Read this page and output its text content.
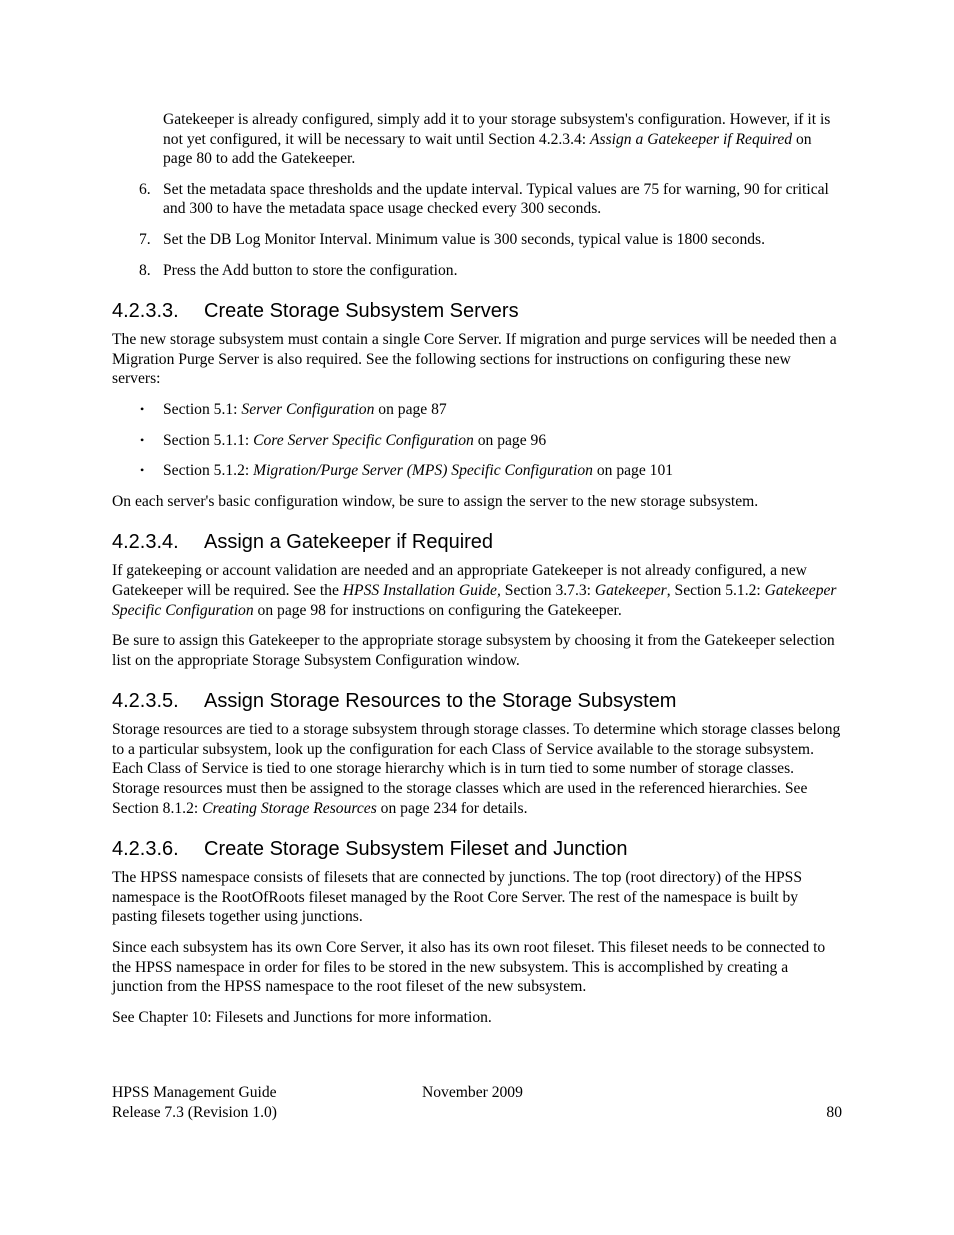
Gatekeeper is already configured, simply add it to your storage subsystem's configuration. However, if it is not yet configured, it will be necessary to wait until Section 4.2.3.4: Assign a Gatekeeper if Required on page 80 to add the Gatekeeper.

6. Set the metadata space thresholds and the update interval. Typical values are 75 for warning, 90 for critical and 300 to have the metadata space usage checked every 300 seconds.
7. Set the DB Log Monitor Interval. Minimum value is 300 seconds, typical value is 1800 seconds.
8. Press the Add button to store the configuration.
4.2.3.3. Create Storage Subsystem Servers

The new storage subsystem must contain a single Core Server. If migration and purge services will be needed then a Migration Purge Server is also required. See the following sections for instructions on configuring these new servers:

• Section 5.1: Server Configuration on page 87
• Section 5.1.1: Core Server Specific Configuration on page 96
• Section 5.1.2: Migration/Purge Server (MPS) Specific Configuration on page 101

On each server's basic configuration window, be sure to assign the server to the new storage subsystem.

4.2.3.4. Assign a Gatekeeper if Required

If gatekeeping or account validation are needed and an appropriate Gatekeeper is not already configured, a new Gatekeeper will be required. See the HPSS Installation Guide, Section 3.7.3: Gatekeeper, Section 5.1.2: Gatekeeper Specific Configuration on page 98 for instructions on configuring the Gatekeeper.

Be sure to assign this Gatekeeper to the appropriate storage subsystem by choosing it from the Gatekeeper selection list on the appropriate Storage Subsystem Configuration window.

4.2.3.5. Assign Storage Resources to the Storage Subsystem

Storage resources are tied to a storage subsystem through storage classes. To determine which storage classes belong to a particular subsystem, look up the configuration for each Class of Service available to the storage subsystem. Each Class of Service is tied to one storage hierarchy which is in turn tied to some number of storage classes. Storage resources must then be assigned to the storage classes which are used in the referenced hierarchies. See Section 8.1.2: Creating Storage Resources on page 234 for details.

4.2.3.6. Create Storage Subsystem Fileset and Junction

The HPSS namespace consists of filesets that are connected by junctions. The top (root directory) of the HPSS namespace is the RootOfRoots fileset managed by the Root Core Server. The rest of the namespace is built by pasting filesets together using junctions.

Since each subsystem has its own Core Server, it also has its own root fileset. This fileset needs to be connected to the HPSS namespace in order for files to be stored in the new subsystem. This is accomplished by creating a junction from the HPSS namespace to the root fileset of the new subsystem.

See Chapter 10: Filesets and Junctions for more information.

HPSS Management Guide	November 2009
Release 7.3 (Revision 1.0)	80
